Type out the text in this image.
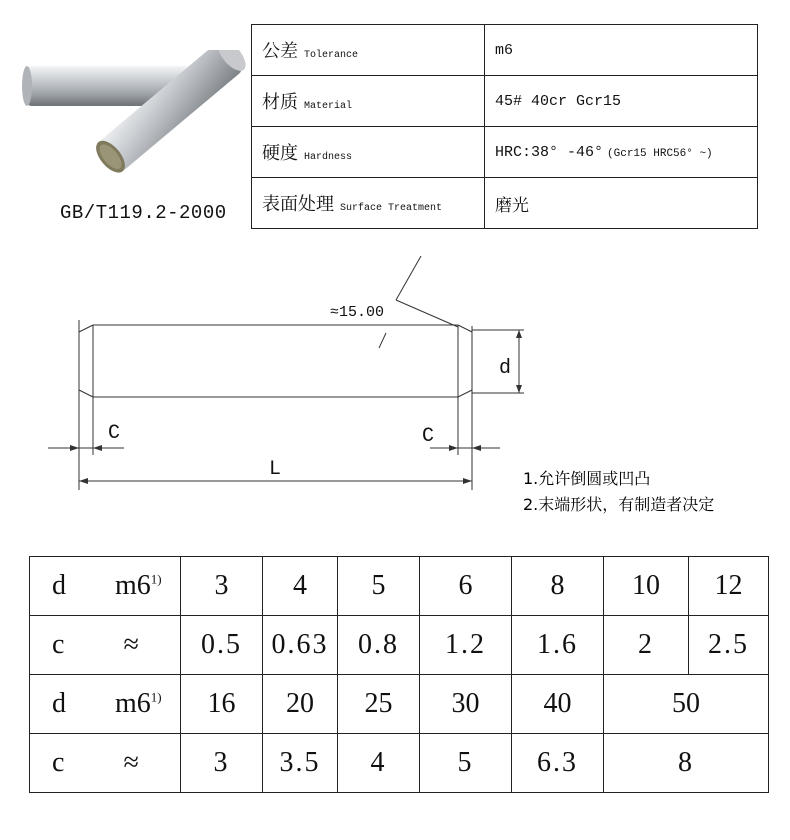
GB/T119.2-2000
公差 Tolerance	m6
材质 Material	45# 40cr Gcr15
硬度 Hardness	HRC:38° -46° (Gcr15 HRC56° ~)
表面处理 Surface Treatment	磨光
≈15.00
d
C	C
L	1.允许倒圆或凹凸
2.末端形状，有制造者决定
d m6$^{1)}$	3	4	5	6	8	10	12
c ≈	0.5	0.63	0.8	1.2	1.6	2	2.5
d m6$^{1)}$	16	20	25	30	40	50	
c ≈	3	3.5	4	5	6.3	8	
